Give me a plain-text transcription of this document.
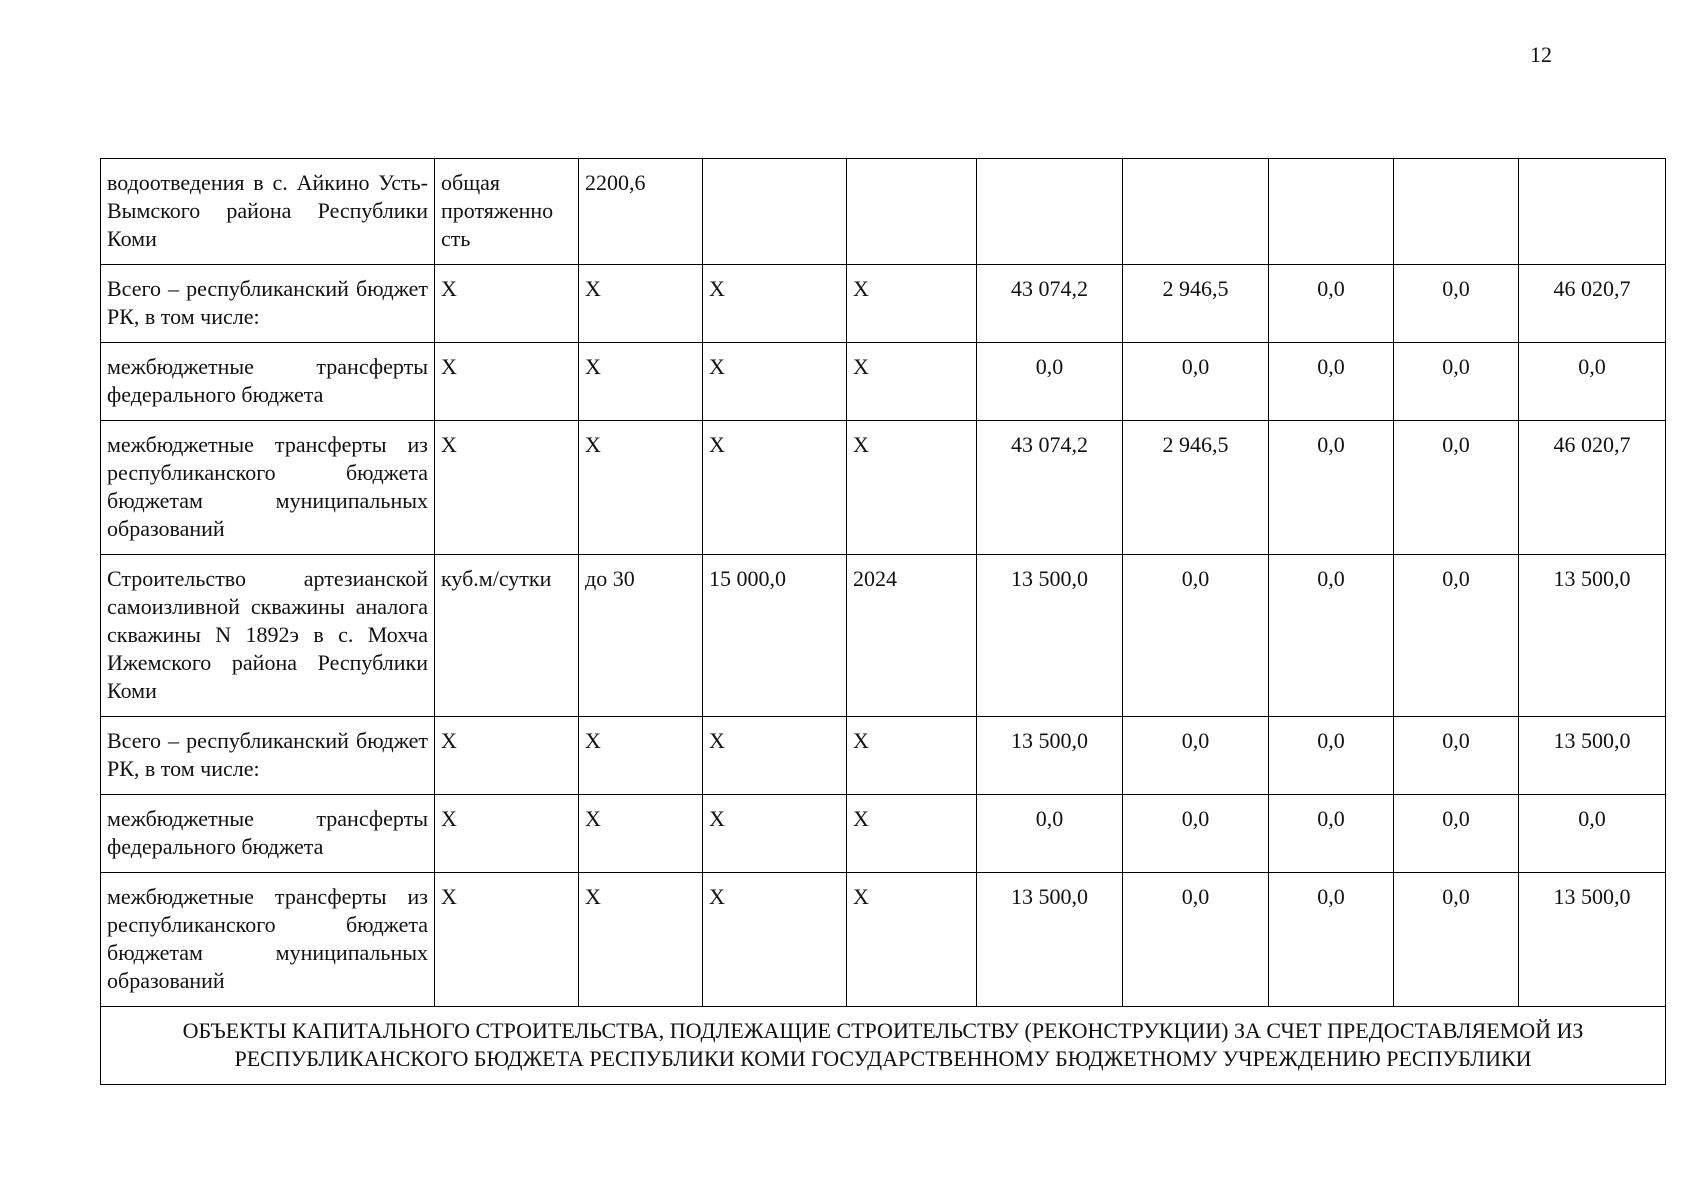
12
водоотведения в с. Айкино Усть-Вымского района Республики Коми	общая протяженно сть	2200,6							
Всего – республиканский бюджет РК, в том числе:	X	X	X	X	43 074,2	2 946,5	0,0	0,0	46 020,7
межбюджетные трансферты федерального бюджета	X	X	X	X	0,0	0,0	0,0	0,0	0,0
межбюджетные трансферты из республиканского бюджета бюджетам муниципальных образований	X	X	X	X	43 074,2	2 946,5	0,0	0,0	46 020,7
Строительство артезианской самоизливной скважины аналога скважины N 1892э в с. Мохча Ижемского района Республики Коми	куб.м/сутки	до 30	15 000,0	2024	13 500,0	0,0	0,0	0,0	13 500,0
Всего – республиканский бюджет РК, в том числе:	X	X	X	X	13 500,0	0,0	0,0	0,0	13 500,0
межбюджетные трансферты федерального бюджета	X	X	X	X	0,0	0,0	0,0	0,0	0,0
межбюджетные трансферты из республиканского бюджета бюджетам муниципальных образований	X	X	X	X	13 500,0	0,0	0,0	0,0	13 500,0
ОБЪЕКТЫ КАПИТАЛЬНОГО СТРОИТЕЛЬСТВА, ПОДЛЕЖАЩИЕ СТРОИТЕЛЬСТВУ (РЕКОНСТРУКЦИИ) ЗА СЧЕТ ПРЕДОСТАВЛЯЕМОЙ ИЗ РЕСПУБЛИКАНСКОГО БЮДЖЕТА РЕСПУБЛИКИ КОМИ ГОСУДАРСТВЕННОМУ БЮДЖЕТНОМУ УЧРЕЖДЕНИЮ РЕСПУБЛИКИ									
